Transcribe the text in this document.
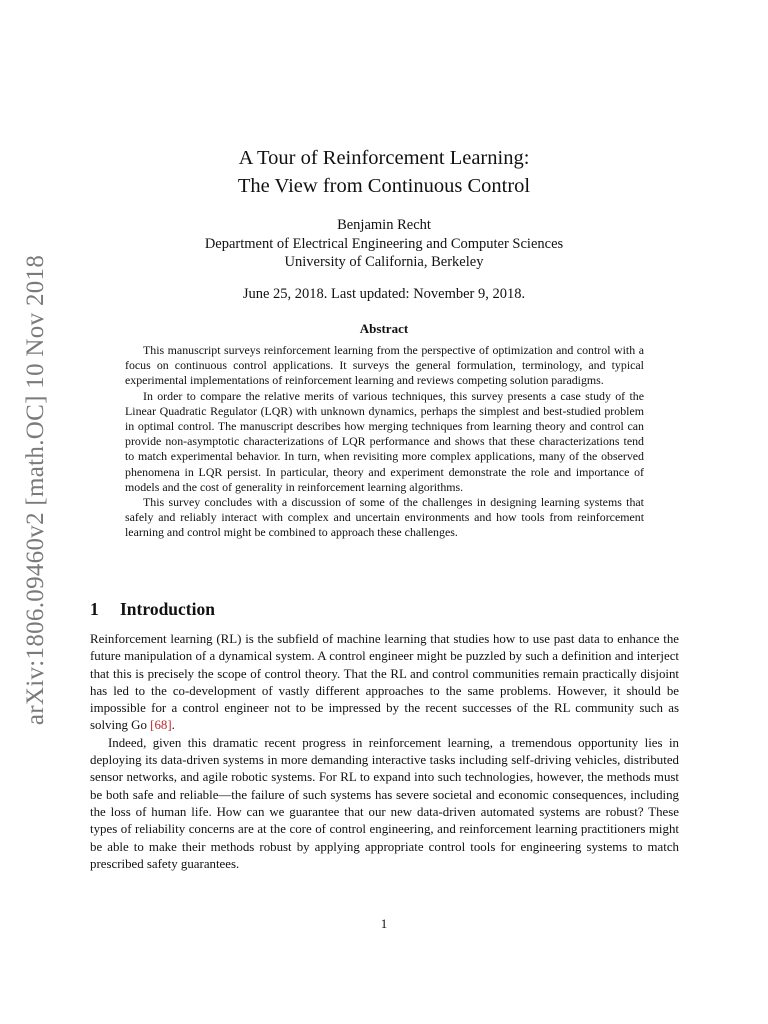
arXiv:1806.09460v2 [math.OC] 10 Nov 2018
A Tour of Reinforcement Learning:
The View from Continuous Control
Benjamin Recht
Department of Electrical Engineering and Computer Sciences
University of California, Berkeley
June 25, 2018. Last updated: November 9, 2018.
Abstract

This manuscript surveys reinforcement learning from the perspective of optimization and control with a focus on continuous control applications. It surveys the general formulation, terminology, and typical experimental implementations of reinforcement learning and reviews competing solution paradigms.

In order to compare the relative merits of various techniques, this survey presents a case study of the Linear Quadratic Regulator (LQR) with unknown dynamics, perhaps the simplest and best-studied problem in optimal control. The manuscript describes how merging techniques from learning theory and control can provide non-asymptotic characterizations of LQR performance and shows that these characterizations tend to match experimental behavior. In turn, when revisiting more complex applications, many of the observed phenomena in LQR persist. In particular, theory and experiment demonstrate the role and importance of models and the cost of generality in reinforcement learning algorithms.

This survey concludes with a discussion of some of the challenges in designing learning systems that safely and reliably interact with complex and uncertain environments and how tools from reinforcement learning and control might be combined to approach these challenges.

1 Introduction

Reinforcement learning (RL) is the subfield of machine learning that studies how to use past data to enhance the future manipulation of a dynamical system. A control engineer might be puzzled by such a definition and interject that this is precisely the scope of control theory. That the RL and control communities remain practically disjoint has led to the co-development of vastly different approaches to the same problems. However, it should be impossible for a control engineer not to be impressed by the recent successes of the RL community such as solving Go [68].

Indeed, given this dramatic recent progress in reinforcement learning, a tremendous opportunity lies in deploying its data-driven systems in more demanding interactive tasks including self-driving vehicles, distributed sensor networks, and agile robotic systems. For RL to expand into such technologies, however, the methods must be both safe and reliable—the failure of such systems has severe societal and economic consequences, including the loss of human life. How can we guarantee that our new data-driven automated systems are robust? These types of reliability concerns are at the core of control engineering, and reinforcement learning practitioners might be able to make their methods robust by applying appropriate control tools for engineering systems to match prescribed safety guarantees.

1
